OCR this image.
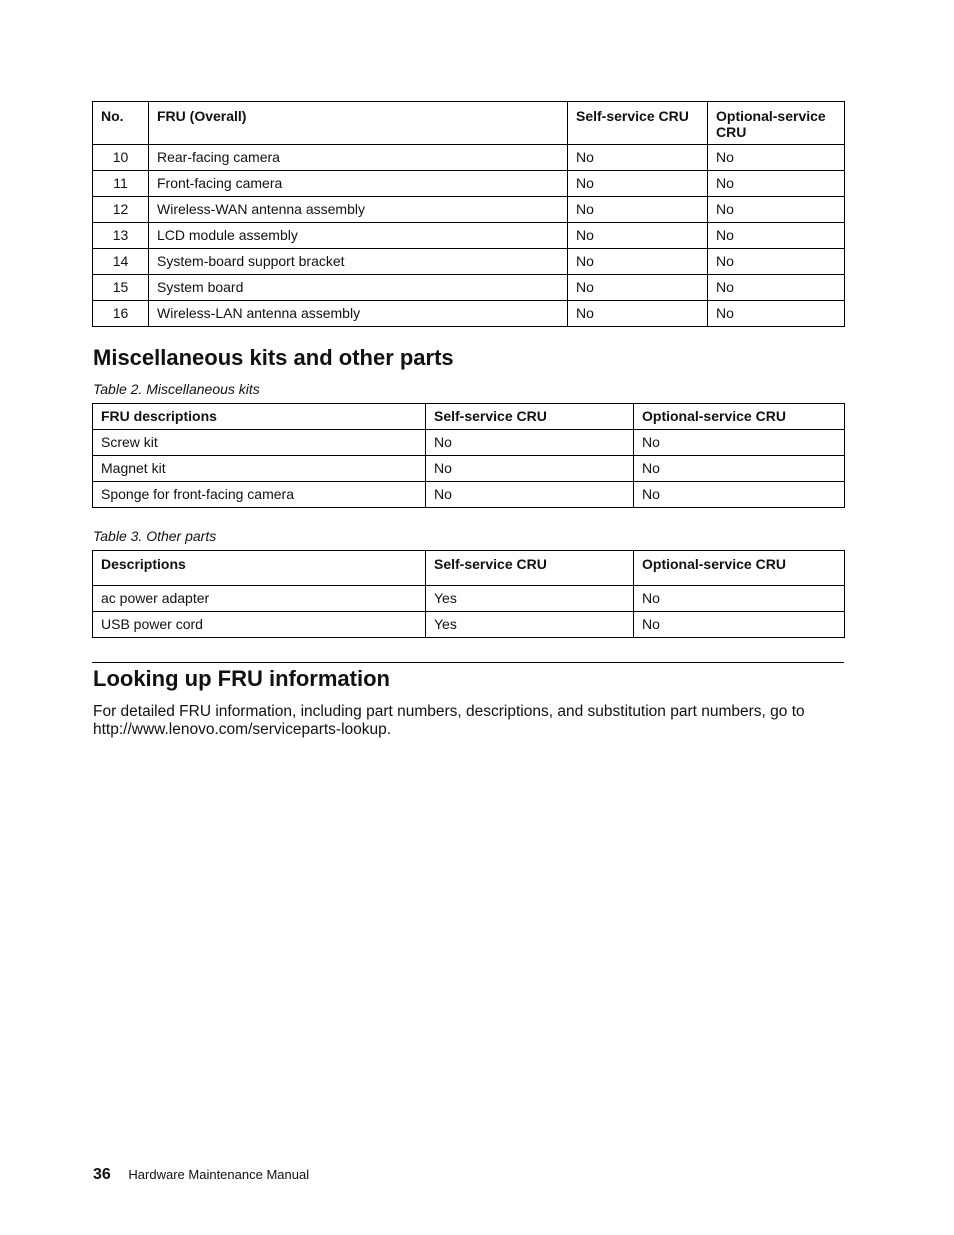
No.	FRU (Overall)	Self-service CRU	Optional-service CRU
10	Rear-facing camera	No	No
11	Front-facing camera	No	No
12	Wireless-WAN antenna assembly	No	No
13	LCD module assembly	No	No
14	System-board support bracket	No	No
15	System board	No	No
16	Wireless-LAN antenna assembly	No	No
Miscellaneous kits and other parts

Table 2. Miscellaneous kits

FRU descriptions	Self-service CRU	Optional-service CRU
Screw kit	No	No
Magnet kit	No	No
Sponge for front-facing camera	No	No

Table 3. Other parts

Descriptions	Self-service CRU	Optional-service CRU
ac power adapter	Yes	No
USB power cord	Yes	No
Looking up FRU information

For detailed FRU information, including part numbers, descriptions, and substitution part numbers, go to http://www.lenovo.com/serviceparts-lookup.

36 Hardware Maintenance Manual
